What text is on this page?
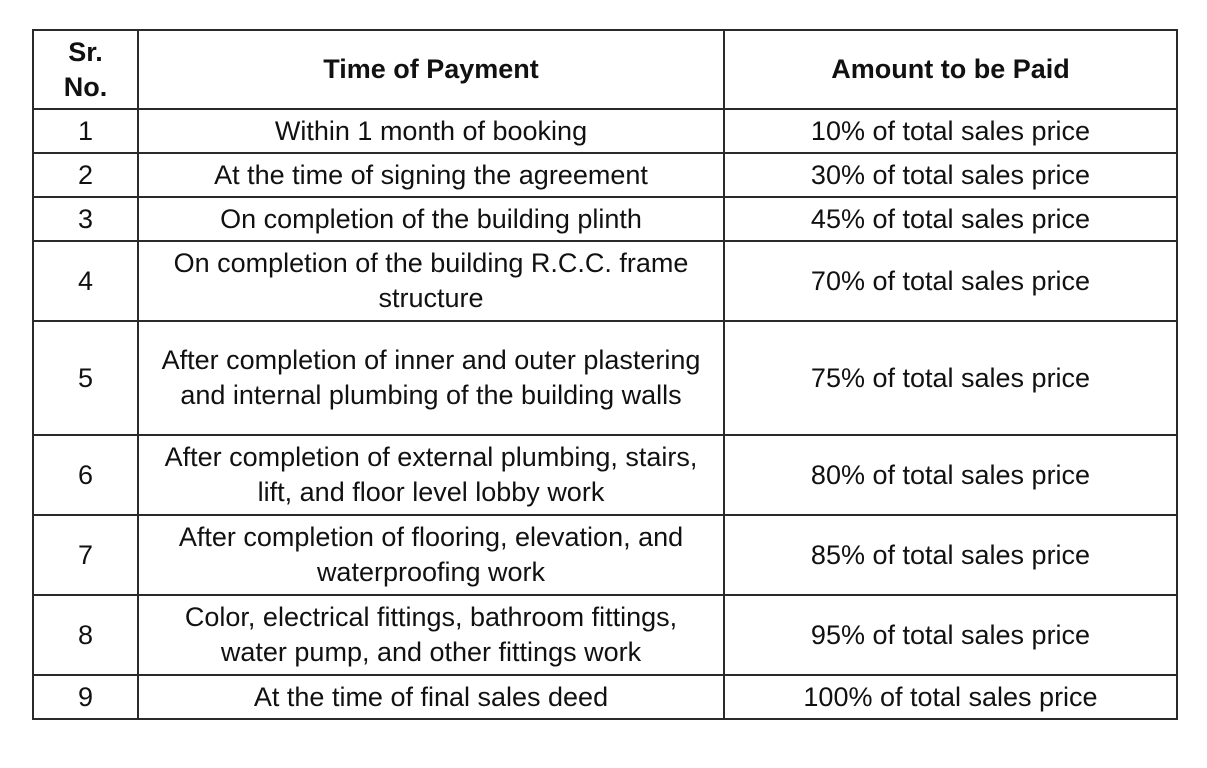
Sr. No.	Time of Payment	Amount to be Paid
1	Within 1 month of booking	10% of total sales price
2	At the time of signing the agreement	30% of total sales price
3	On completion of the building plinth	45% of total sales price
4	On completion of the building R.C.C. frame structure	70% of total sales price
5	After completion of inner and outer plastering and internal plumbing of the building walls	75% of total sales price
6	After completion of external plumbing, stairs, lift, and floor level lobby work	80% of total sales price
7	After completion of flooring, elevation, and waterproofing work	85% of total sales price
8	Color, electrical fittings, bathroom fittings, water pump, and other fittings work	95% of total sales price
9	At the time of final sales deed	100% of total sales price
